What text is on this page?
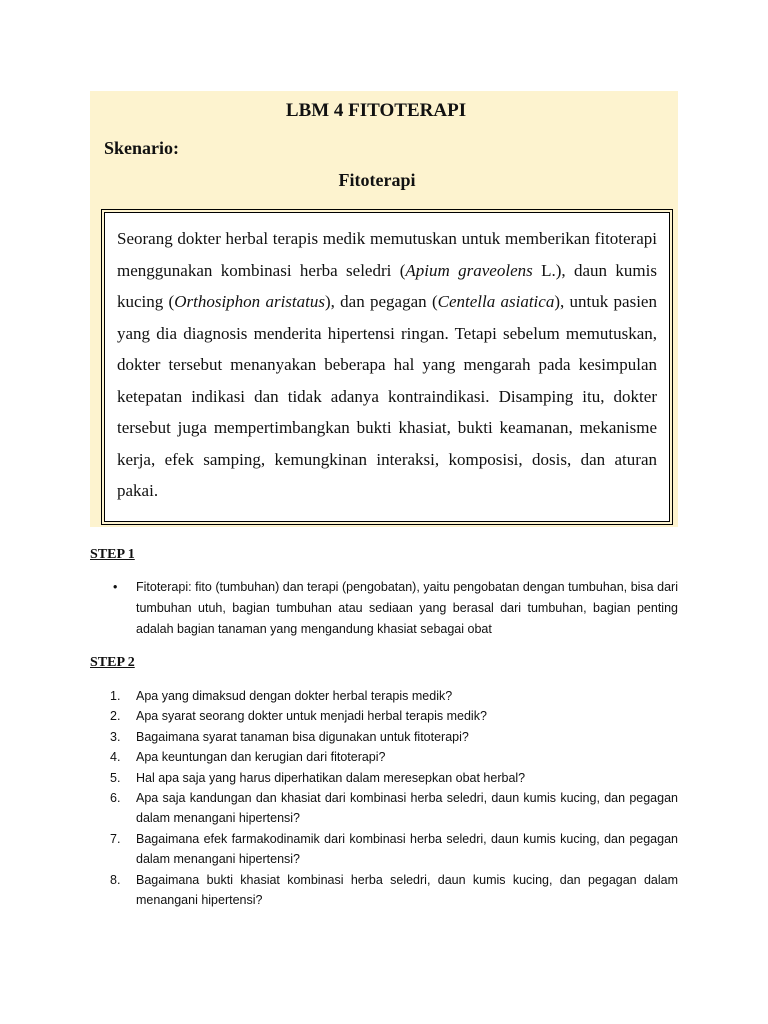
LBM 4 FITOTERAPI
Skenario:
Fitoterapi

Seorang dokter herbal terapis medik memutuskan untuk memberikan fitoterapi menggunakan kombinasi herba seledri (Apium graveolens L.), daun kumis kucing (Orthosiphon aristatus), dan pegagan (Centella asiatica), untuk pasien yang dia diagnosis menderita hipertensi ringan. Tetapi sebelum memutuskan, dokter tersebut menanyakan beberapa hal yang mengarah pada kesimpulan ketepatan indikasi dan tidak adanya kontraindikasi. Disamping itu, dokter tersebut juga mempertimbangkan bukti khasiat, bukti keamanan, mekanisme kerja, efek samping, kemungkinan interaksi, komposisi, dosis, dan aturan pakai.

STEP 1
• Fitoterapi: fito (tumbuhan) dan terapi (pengobatan), yaitu pengobatan dengan tumbuhan, bisa dari tumbuhan utuh, bagian tumbuhan atau sediaan yang berasal dari tumbuhan, bagian penting adalah bagian tanaman yang mengandung khasiat sebagai obat
STEP 2
1. Apa yang dimaksud dengan dokter herbal terapis medik?
2. Apa syarat seorang dokter untuk menjadi herbal terapis medik?
3. Bagaimana syarat tanaman bisa digunakan untuk fitoterapi?
4. Apa keuntungan dan kerugian dari fitoterapi?
5. Hal apa saja yang harus diperhatikan dalam meresepkan obat herbal?
6. Apa saja kandungan dan khasiat dari kombinasi herba seledri, daun kumis kucing, dan pegagan dalam menangani hipertensi?
7. Bagaimana efek farmakodinamik dari kombinasi herba seledri, daun kumis kucing, dan pegagan dalam menangani hipertensi?
8. Bagaimana bukti khasiat kombinasi herba seledri, daun kumis kucing, dan pegagan dalam menangani hipertensi?
